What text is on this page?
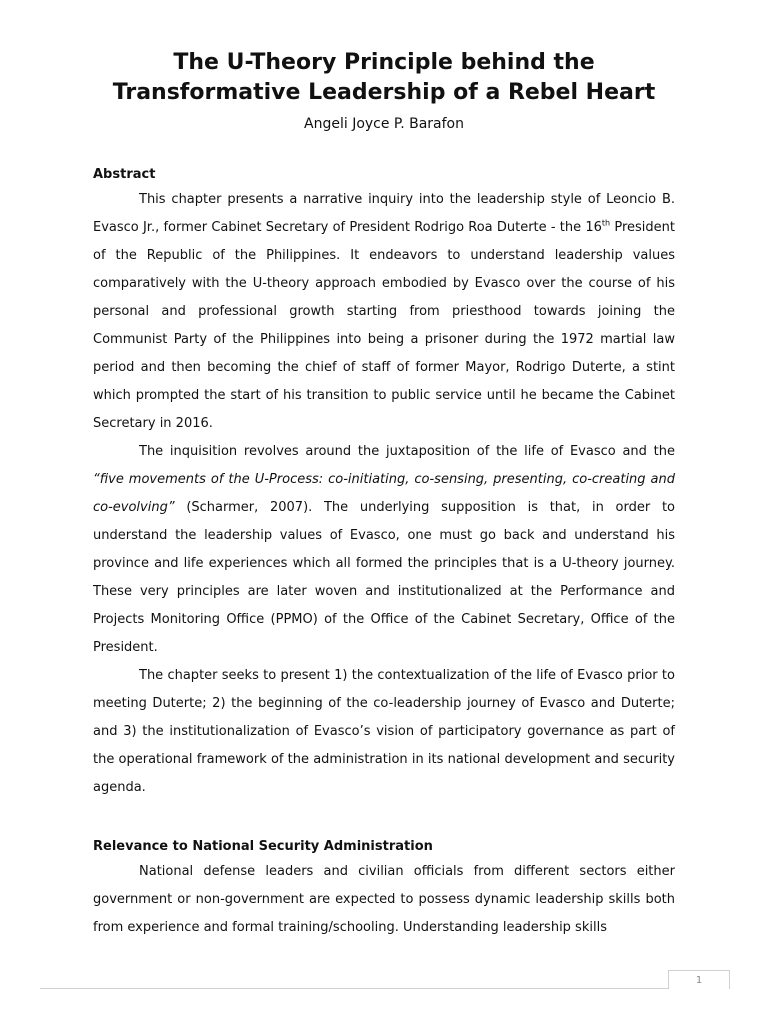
The U-Theory Principle behind the
Transformative Leadership of a Rebel Heart

Angeli Joyce P. Barafon

Abstract

This chapter presents a narrative inquiry into the leadership style of Leoncio B. Evasco Jr., former Cabinet Secretary of President Rodrigo Roa Duterte - the 16th President of the Republic of the Philippines. It endeavors to understand leadership values comparatively with the U-theory approach embodied by Evasco over the course of his personal and professional growth starting from priesthood towards joining the Communist Party of the Philippines into being a prisoner during the 1972 martial law period and then becoming the chief of staff of former Mayor, Rodrigo Duterte, a stint which prompted the start of his transition to public service until he became the Cabinet Secretary in 2016.

The inquisition revolves around the juxtaposition of the life of Evasco and the “five movements of the U-Process: co-initiating, co-sensing, presenting, co-creating and co-evolving” (Scharmer, 2007). The underlying supposition is that, in order to understand the leadership values of Evasco, one must go back and understand his province and life experiences which all formed the principles that is a U-theory journey. These very principles are later woven and institutionalized at the Performance and Projects Monitoring Office (PPMO) of the Office of the Cabinet Secretary, Office of the President.

The chapter seeks to present 1) the contextualization of the life of Evasco prior to meeting Duterte; 2) the beginning of the co-leadership journey of Evasco and Duterte; and 3) the institutionalization of Evasco’s vision of participatory governance as part of the operational framework of the administration in its national development and security agenda.

Relevance to National Security Administration

National defense leaders and civilian officials from different sectors either government or non-government are expected to possess dynamic leadership skills both from experience and formal training/schooling. Understanding leadership skills

1
